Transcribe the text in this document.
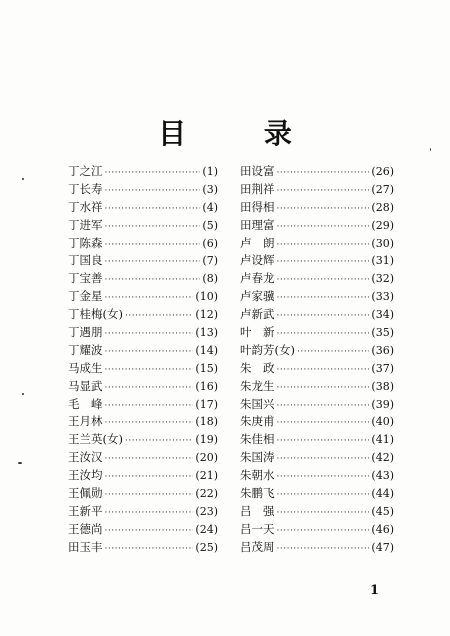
目 录
丁之江 ·····	(1)
丁长寿 ·····	(3)
丁水祥 ·····	(4)
丁进军 ·····	(5)
丁陈森 ·····	(6)
丁国良 ·····	(7)
丁宝善 ·····	(8)
丁金星 ·····	(10)
丁桂梅(女) ·····	(12)
丁遇朋 ·····	(13)
丁耀波 ·····	(14)
马成生 ·····	(15)
马显武 ·····	(16)
毛　峰 ·····	(17)
王月林 ·····	(18)
王兰英(女) ·····	(19)
王汝汉 ·····	(20)
王汝均 ·····	(21)
王佩勋 ·····	(22)
王新平 ·····	(23)
王德尚 ·····	(24)
田玉丰 ·····	(25)
田设富 ·····	(26)
田荆祥 ·····	(27)
田得相 ·····	(28)
田理富 ·····	(29)
卢　朗 ·····	(30)
卢设辉 ·····	(31)
卢春龙 ·····	(32)
卢家骥 ·····	(33)
卢新武 ·····	(34)
叶　新 ·····	(35)
叶韵芳(女) ·····	(36)
朱　政 ·····	(37)
朱龙生 ·····	(38)
朱国兴 ·····	(39)
朱庚甫 ·····	(40)
朱佳相 ·····	(41)
朱国涛 ·····	(42)
朱朝水 ·····	(43)
朱鹏飞 ·····	(44)
吕　强 ·····	(45)
吕一天 ·····	(46)
吕茂周 ·····	(47)
1
